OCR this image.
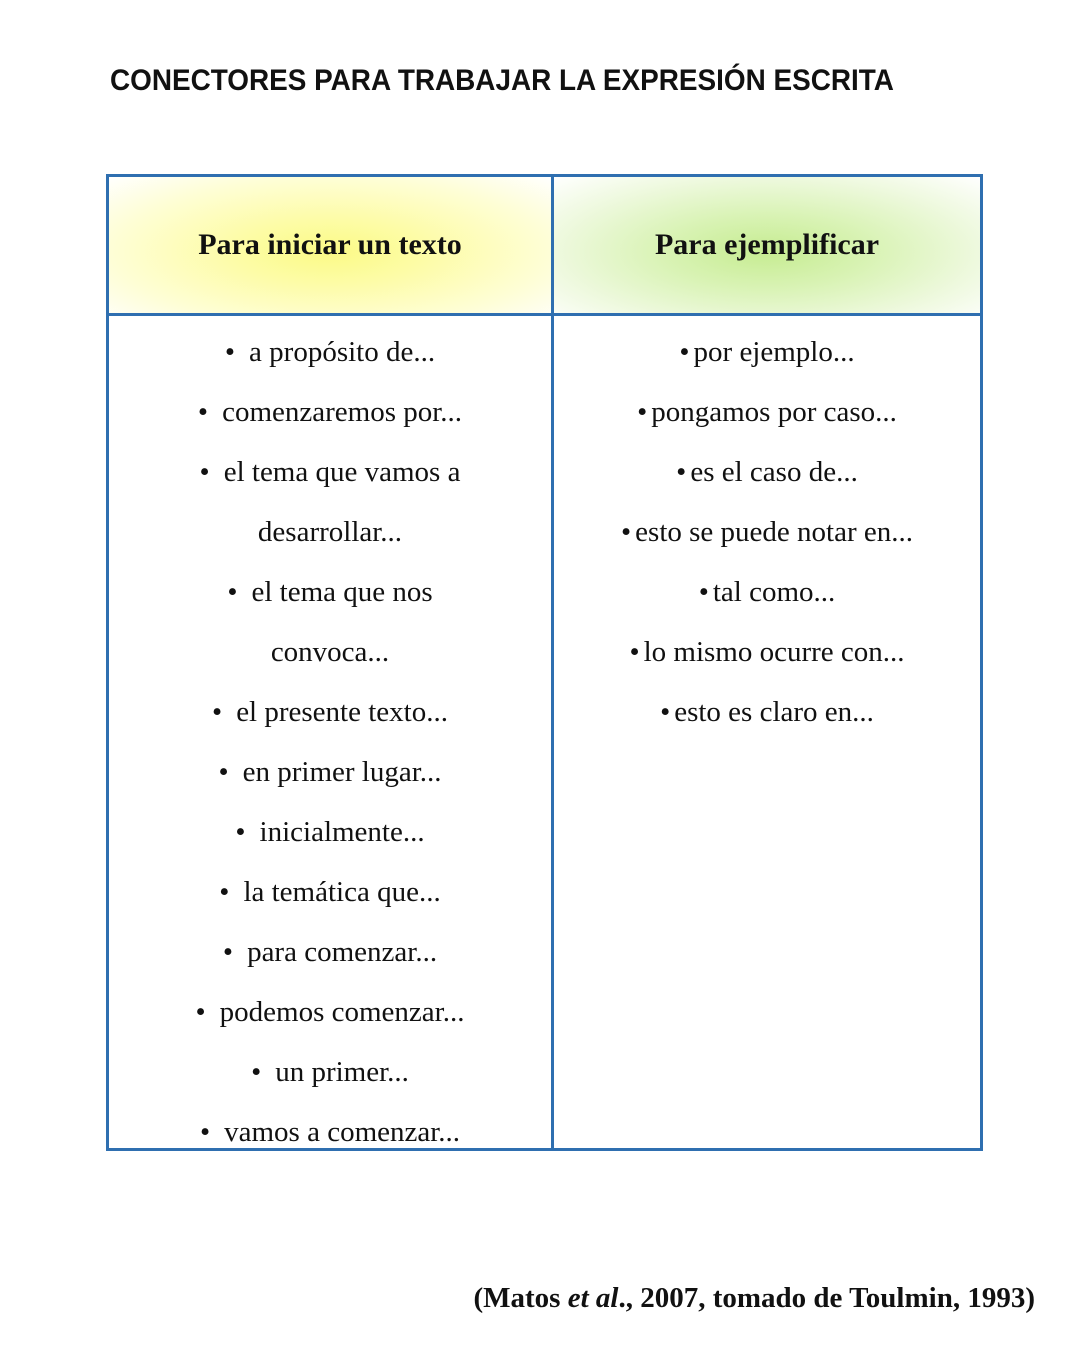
CONECTORES PARA TRABAJAR LA EXPRESIÓN ESCRITA
Para iniciar un texto	Para ejemplificar
• a propósito de...
• comenzaremos por...
• el tema que vamos a
desarrollar...
• el tema que nos
convoca...
• el presente texto...
• en primer lugar...
• inicialmente...
• la temática que...
• para comenzar...
• podemos comenzar...
• un primer...
• vamos a comenzar...
• por ejemplo...
• pongamos por caso...
• es el caso de...
• esto se puede notar en...
• tal como...
• lo mismo ocurre con...
• esto es claro en...
(Matos et al., 2007, tomado de Toulmin, 1993)
